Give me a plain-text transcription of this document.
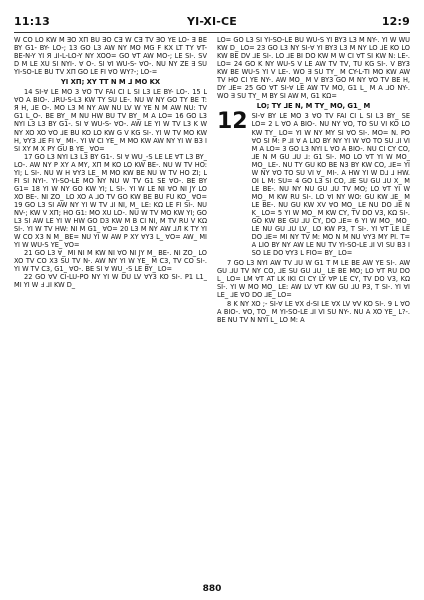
11:13	YI-XI-CE	12:9

W CO LO KW M ƎO XΠ BU ƎO CƎ W CƎ TV ƎO YE LO- Ǝ BE BY G1- BY- LO-; 13 GO L3 AW NY MO MG F KX LT TY ∀T- BE-N-Y YI Я ⅃I-L-LO-Y NY XOO= GO ∀T AW MO-; LE SI-. SV D M LE XU SI NYI-. ∀ O-. SI ∀I WU-S- ∀O-. NU NY ZE ∃ SU YI-SO-LE BU TV XΠ GO LE FI ∀O WY?-; LO-=

YI XΠ; XY ТТ N M ⅃ MO KX

14 SI-∀ LE MO 3 ∀O TV FAI CI L SI L3 LE BY- LO-. 15 L ∀O A BIO-. ⅃RU-S-L3 KW TY SU LE-. NU W NY GO TY BE T: Я H, ⅃E O-. MO L3 M NY AW NU LV W YE N M AW NU: TV G1 L_O-. BE BY_ M NU HW BU TV BY_ M A LO= 16 GO L3 NYI L3 L3 BY G1-. SI ∀ WU-S- ∀O-. AW LE YI W TV L3 K W NY XO XO ∀O ⅃E BU KO LO KW G V KG SI-. YI W TV MO KW H, ∀Y3 ⅃E FI ∀_ MI-. YI W CI YE_ M MO KW AW NY YI W BЗ I SI XY M X PY GU B YE_ ∀O=

17 GO L3 NYI L3 L3 BY G1-. SI ∀ WU_-S LE LE ∀T L3 BY_ LO-. AW NY P XY A MY, XΠ M KO LO KW BE-. NU W TV HO: YI; L SI-. NU W H ∀Y3 LE_ M MO KW BE NU W TV HO ZI; L FI SI NYI-. YI-SO-LE MO NY NU W TV G1 SE ∀O-. BE BY G1= 18 YI W NY GO KW YI; L SI-. YI W LE NI ∀O NI JY LO XO BE-. NI ZO_ LO XO A ⅃O TV GO KW BE BU FU KO_ ∀O= 19 GO L3 SI AW NY YI W TV ⅃I NI, M_ LE: KΩ LE FI SI-. NU NV-; KW V XΠ; HO G1: MO XU LO-. NU W TV MO KW YI; GO L3 SI AW LE YI W HW GO D3 KW M B CI NI, M TV RU V KΩ SI-. YI W TV HW: NI M G1_ ∀O= 20 L3 M NY AW ⅃Л K TY YI W CO X3 N M_ BE= NU YI W AW P XY ∀Y3 L_ ∀O= AW_ MI YI W WU-S YE_ ∀O=

21 GO L3 ∀_ MI NI M KW NI ∀O NI JY M_ BE-. NI ZO_ LO XO TV CO X3 SU TV N-. AW NY YI W YE_ M C3, TV CO SI-. YI W TV C3, G1_ ∀O-. BE SI ∀ WU_-S LE BY_ LO=

22 GO ∀V CI-LU-PO NY YI W DU LV ∀Y3 KO SI-. P1 L1_ MI YI W Ⅎ ⅃I KW D_

LO= GO L3 SI YI-SO-LE BU WU-S YI BY3 L3 M NY-. YI W WU KW D_ LO= 23 GO L3 NY SI-∀ YI BY3 L3 M NY LO ⅃E KO LO KW BE DV ⅃E SI-. LO ⅃E BI DO KW M W CI ∀T SI KW N: LE-. LO= 24 GO K NY WU-S V LE AW TV TV, TU KG SI-. V BY3 KW BE WU-S YI V LE-. WO ∃ SU TY_ M CY-L-TI MO KW AW TV HO CI YE NY-. AW MO_ M V BY3 GO M NY ∀O TV BE H, DY ⅃E= 25 GO ∀T SI-∀ LE AW TV MO, G1 L_ M A ⅃O NY-. WO ∃ SU TY_ M BY SI AW M, G1 KΩ=

LO; TY ⅃E N, M TY_ MO, G1_ M

12 SI-∀ BY LE MO 3 ∀O TV FAI CI L SI L3 BY_ SE LO= 2 L ∀O A BIO-. NU NY ∀O, TO SU VI KO LO KW TY_ LO= YI W NY MY SI ∀O SI-. MO= N. PO ∀O SI M: P ⅃I ∀ A LIO BY NY YI W ∀O TO SU ⅃I VI M A LO= 3 GO L3 NYI L ∀O A BIO-. NU CI CY CO, ⅃E N M GU ⅃U ⅃: G1 SI-. MO LO ∀T YI W MO_ MO_ LE-. NU TY GU KO BE N3 BY KW CO, ⅃E= YI W NY ∀O TO SU VI ∀_ MI-. A HW YI W D⅃ ⅃ HW. OI L M: SU= 4 GO L3 SI CO, ⅃E SU GU ⅃U X_ M LE BE-. NU NY NU GU ⅃U TV MO; LO ∀T YI W MO_ M KW RU SI-. LO ∀I NY WO: GU KW ⅃E_ M LE BE-. NU GU KW XV ∀O MO_ LE NU DO ⅃E N K_ LO= 5 YI W MO_ M KW CY, TV DO V3, KΩ SI-. GO KW BE GU ⅃U CY, DO ⅃E= 6 YI W MO_ MO_ LE NU GU ⅃U LV_ LO KW P3, T SI-. YI ∀T LE LE DO ⅃E= MI NY TV M: MO N M NU ∀Y3 MY PI. T= A LIO BY NY AW LE NU TV YI-SO-LE ⅃I VI SU B3 I SO LE DO ∀Y3 L FIO= BY_ LO=

7 GO L3 NYI AW TV ⅃U W G1 T M LE BE AW YE SI-. AW GU ⅃U TV NY CO, ⅃E SU GU ⅃U_ LE BE MO; LO ∀T RU DO L_ LO= LM ∀T AT LK IKI CI CY LY ∀P LE CY, TV DO V3, KΩ SI-. YI W MO MO_ LE: AW LV ∀T KW GU ⅃U P3, T SI-. YI ∀I LE_ ⅃E ∀O DO ⅃E_ LO=

8 K NY XO ;- SI-∀ LE ∀X d-SI LE ∀X LV ∀V KO SI-. 9 L ∀O A BIO-. ∀O, TO_ M YI-SO-LE ⅃I VI SU NY-. NU A XO YE_ L?-. BE NU TV N NYI L_ LO M: A

880
